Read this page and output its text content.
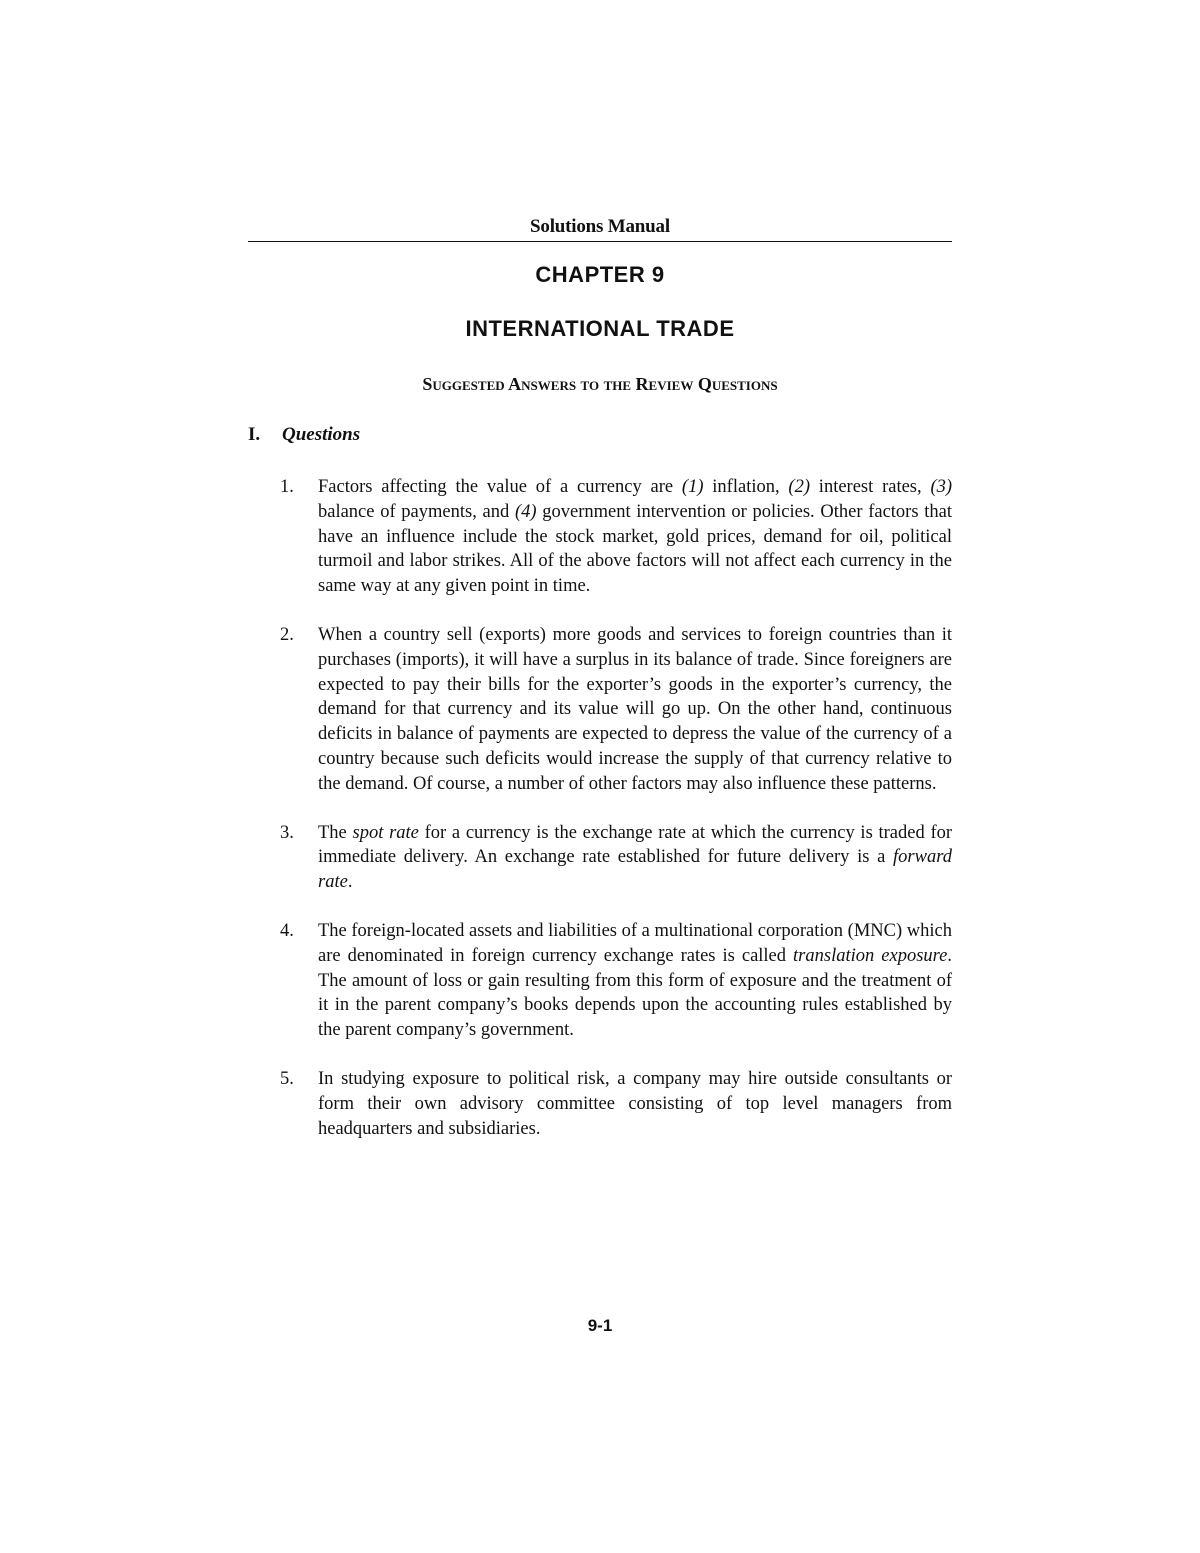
Solutions Manual
CHAPTER 9
INTERNATIONAL TRADE
Suggested Answers to the Review Questions
I. Questions
1. Factors affecting the value of a currency are (1) inflation, (2) interest rates, (3) balance of payments, and (4) government intervention or policies. Other factors that have an influence include the stock market, gold prices, demand for oil, political turmoil and labor strikes. All of the above factors will not affect each currency in the same way at any given point in time.
2. When a country sell (exports) more goods and services to foreign countries than it purchases (imports), it will have a surplus in its balance of trade. Since foreigners are expected to pay their bills for the exporter’s goods in the exporter’s currency, the demand for that currency and its value will go up. On the other hand, continuous deficits in balance of payments are expected to depress the value of the currency of a country because such deficits would increase the supply of that currency relative to the demand. Of course, a number of other factors may also influence these patterns.
3. The spot rate for a currency is the exchange rate at which the currency is traded for immediate delivery. An exchange rate established for future delivery is a forward rate.
4. The foreign-located assets and liabilities of a multinational corporation (MNC) which are denominated in foreign currency exchange rates is called translation exposure. The amount of loss or gain resulting from this form of exposure and the treatment of it in the parent company’s books depends upon the accounting rules established by the parent company’s government.
5. In studying exposure to political risk, a company may hire outside consultants or form their own advisory committee consisting of top level managers from headquarters and subsidiaries.
9-1
